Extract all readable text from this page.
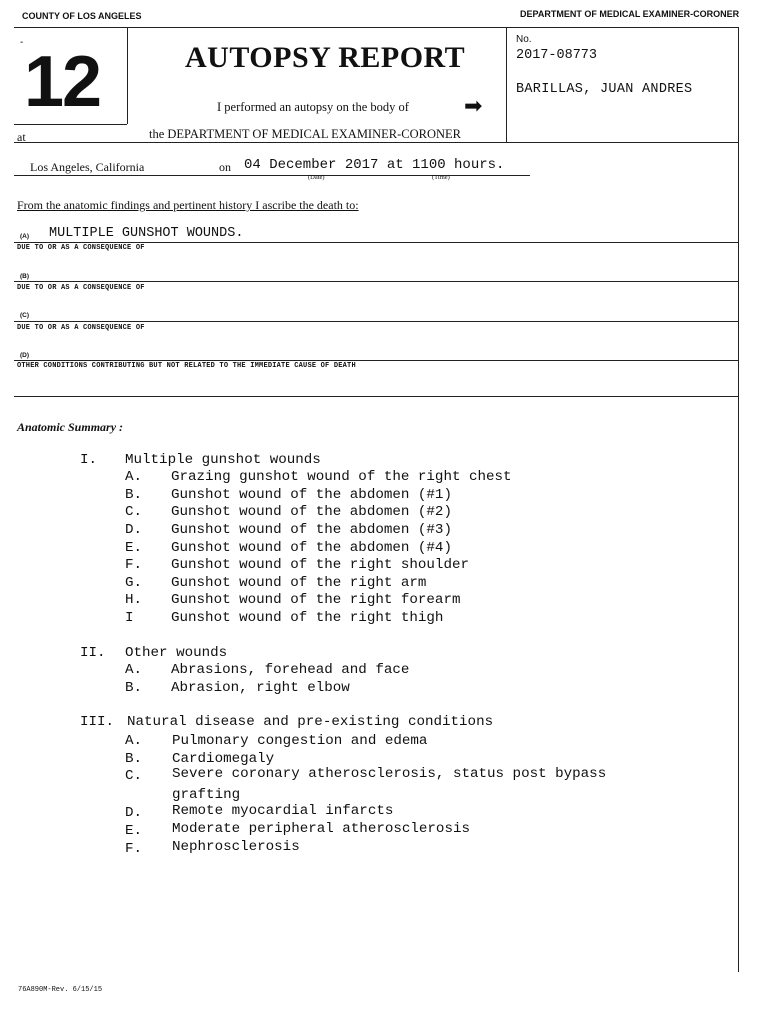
COUNTY OF LOS ANGELES	DEPARTMENT OF MEDICAL EXAMINER-CORONER
12
-	AUTOPSY REPORT
I performed an autopsy on the body of	➡
at	the DEPARTMENT OF MEDICAL EXAMINER-CORONER
No.
2017-08773
BARILLAS, JUAN ANDRES
Los Angeles, California	on 04 December 2017 at 1100 hours.
(Date)	(Time)
From the anatomic findings and pertinent history I ascribe the death to:
(A) MULTIPLE GUNSHOT WOUNDS.
DUE TO OR AS A CONSEQUENCE OF
(B)
DUE TO OR AS A CONSEQUENCE OF
(C)
DUE TO OR AS A CONSEQUENCE OF
(D)
OTHER CONDITIONS CONTRIBUTING BUT NOT RELATED TO THE IMMEDIATE CAUSE OF DEATH
Anatomic Summary :
I. Multiple gunshot wounds
A. Grazing gunshot wound of the right chest
B. Gunshot wound of the abdomen (#1)
C. Gunshot wound of the abdomen (#2)
D. Gunshot wound of the abdomen (#3)
E. Gunshot wound of the abdomen (#4)
F. Gunshot wound of the right shoulder
G. Gunshot wound of the right arm
H. Gunshot wound of the right forearm
I	Gunshot wound of the right thigh
II. Other wounds
A. Abrasions, forehead and face
B. Abrasion, right elbow
III. Natural disease and pre-existing conditions
A. Pulmonary congestion and edema
B. Cardiomegaly
C. Severe coronary atherosclerosis, status post bypass
grafting
D. Remote myocardial infarcts
E. Moderate peripheral atherosclerosis
F. Nephrosclerosis
76A890M-Rev. 6/15/15
